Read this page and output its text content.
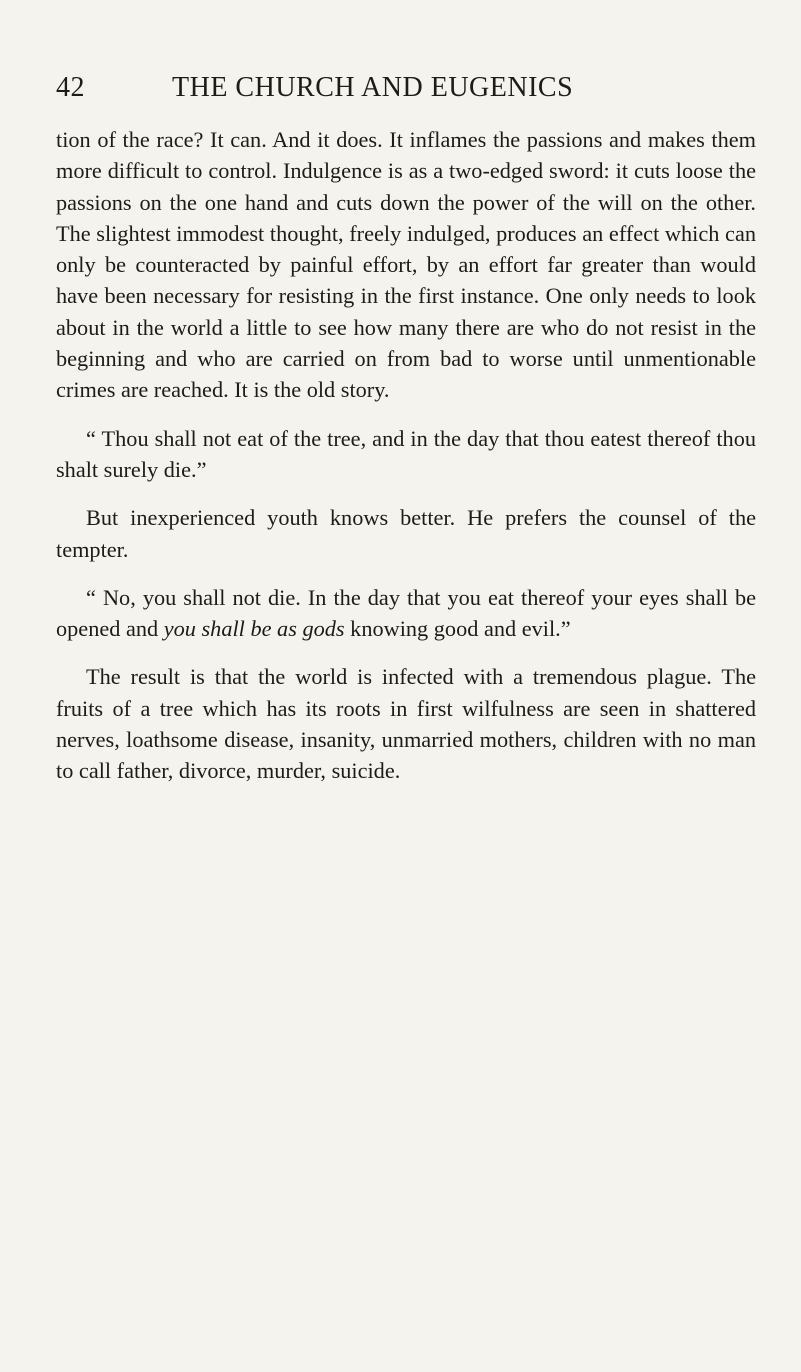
42	THE CHURCH AND EUGENICS

tion of the race? It can. And it does. It inflames the passions and makes them more difficult to control. Indulgence is as a two-edged sword: it cuts loose the passions on the one hand and cuts down the power of the will on the other. The slightest immodest thought, freely indulged, produces an effect which can only be counteracted by painful effort, by an effort far greater than would have been necessary for resisting in the first instance. One only needs to look about in the world a little to see how many there are who do not resist in the beginning and who are carried on from bad to worse until unmentionable crimes are reached. It is the old story.

“ Thou shall not eat of the tree, and in the day that thou eatest thereof thou shalt surely die.”

But inexperienced youth knows better. He prefers the counsel of the tempter.

“ No, you shall not die. In the day that you eat thereof your eyes shall be opened and you shall be as gods knowing good and evil.”

The result is that the world is infected with a tremendous plague. The fruits of a tree which has its roots in first wilfulness are seen in shattered nerves, loathsome disease, insanity, unmarried mothers, children with no man to call father, divorce, murder, suicide.
